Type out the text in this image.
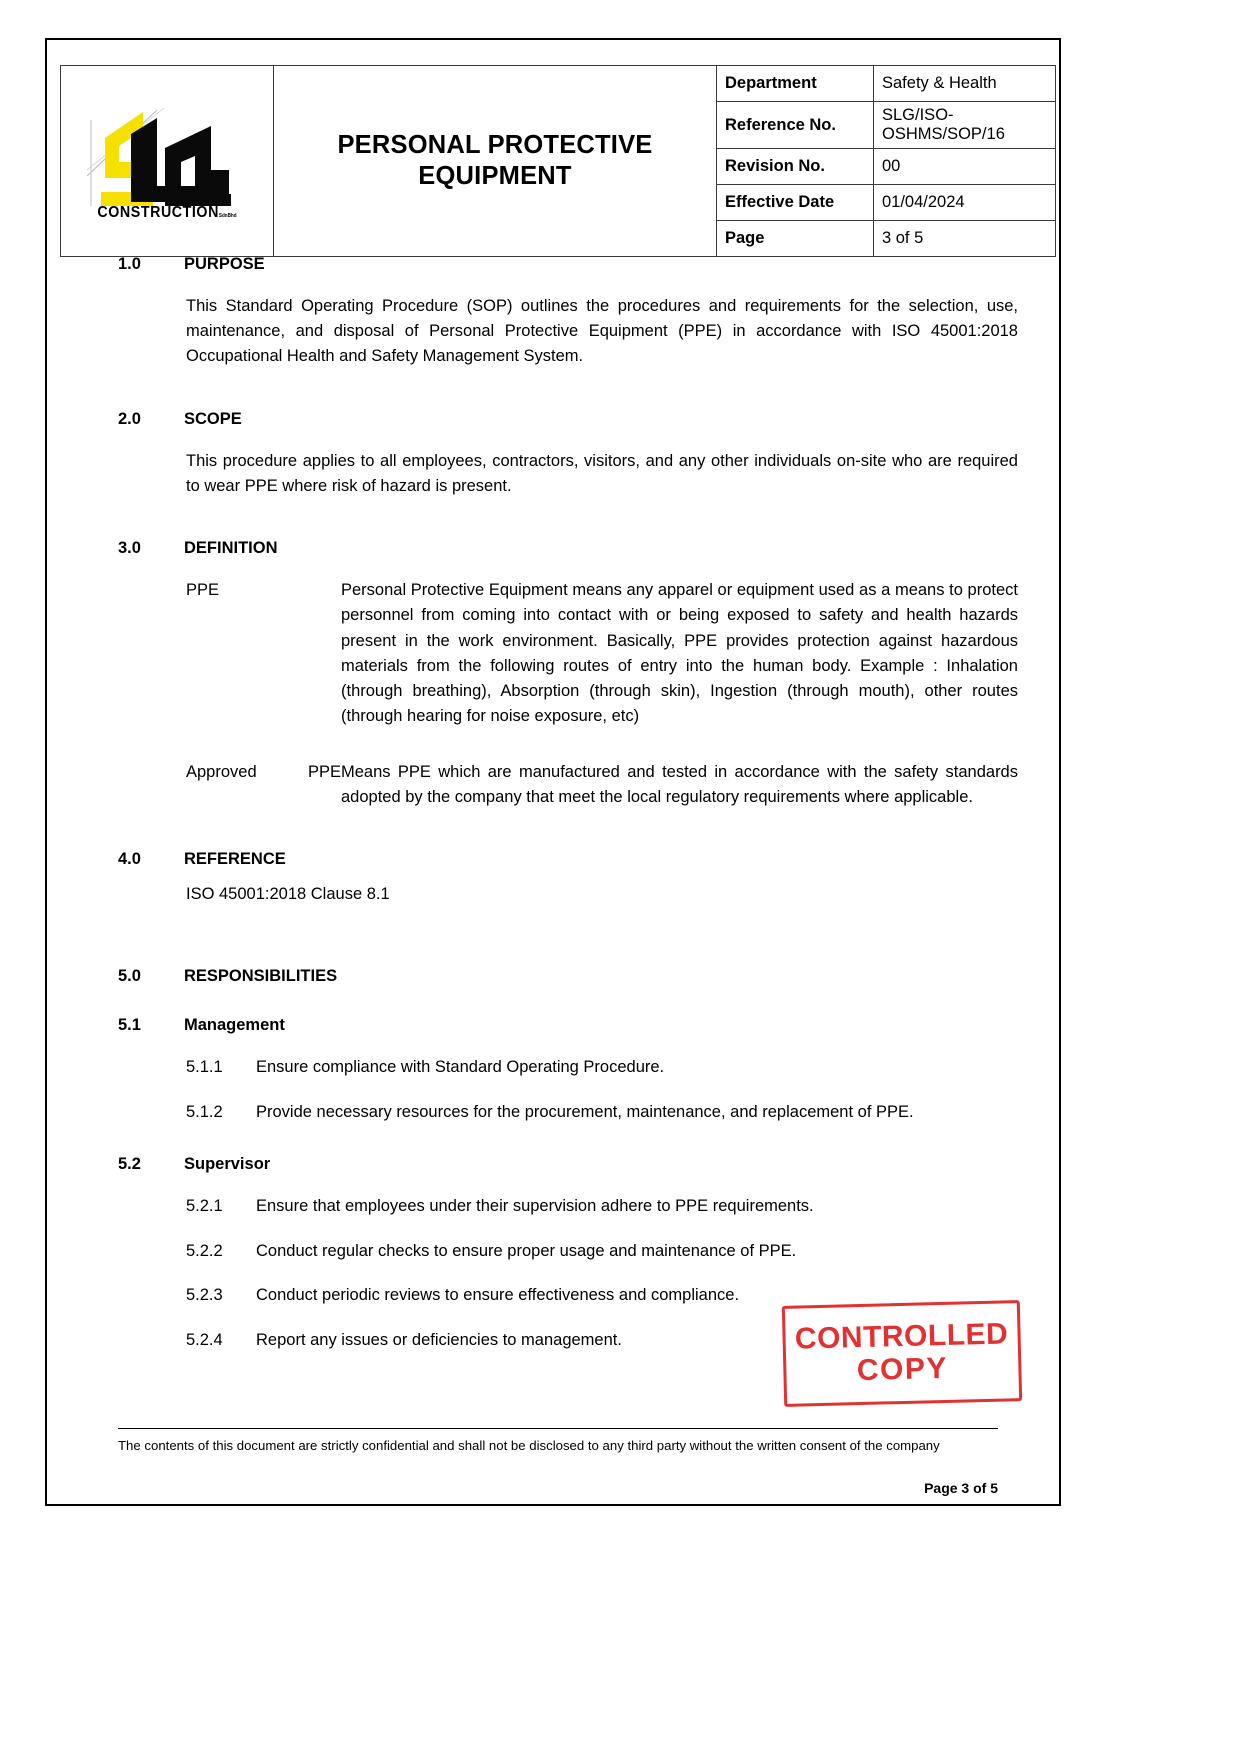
CONSTRUCTIONSdnBhd	PERSONAL PROTECTIVE EQUIPMENT	Department	Safety & Health
		Reference No.	SLG/ISO-OSHMS/SOP/16
		Revision No.	00
		Effective Date	01/04/2024
		Page	3 of 5
1.0	PURPOSE
This Standard Operating Procedure (SOP) outlines the procedures and requirements for the selection, use, maintenance, and disposal of Personal Protective Equipment (PPE) in accordance with ISO 45001:2018 Occupational Health and Safety Management System.
2.0	SCOPE
This procedure applies to all employees, contractors, visitors, and any other individuals on-site who are required to wear PPE where risk of hazard is present.
3.0	DEFINITION
PPE	Personal Protective Equipment means any apparel or equipment used as a means to protect personnel from coming into contact with or being exposed to safety and health hazards present in the work environment. Basically, PPE provides protection against hazardous materials from the following routes of entry into the human body. Example : Inhalation (through breathing), Absorption (through skin), Ingestion (through mouth), other routes (through hearing for noise exposure, etc)
Approved	PPE Means PPE which are manufactured and tested in accordance with the safety standards adopted by the company that meet the local regulatory requirements where applicable.
4.0	REFERENCE
ISO 45001:2018 Clause 8.1
5.0	RESPONSIBILITIES
5.1	Management
5.1.1	Ensure compliance with Standard Operating Procedure.
5.1.2	Provide necessary resources for the procurement, maintenance, and replacement of PPE.
5.2	Supervisor
5.2.1	Ensure that employees under their supervision adhere to PPE requirements.
5.2.2	Conduct regular checks to ensure proper usage and maintenance of PPE.
5.2.3	Conduct periodic reviews to ensure effectiveness and compliance.
5.2.4	Report any issues or deficiencies to management.	CONTROLLED
COPY
The contents of this document are strictly confidential and shall not be disclosed to any third party without the written consent of the company
Page 3 of 5
